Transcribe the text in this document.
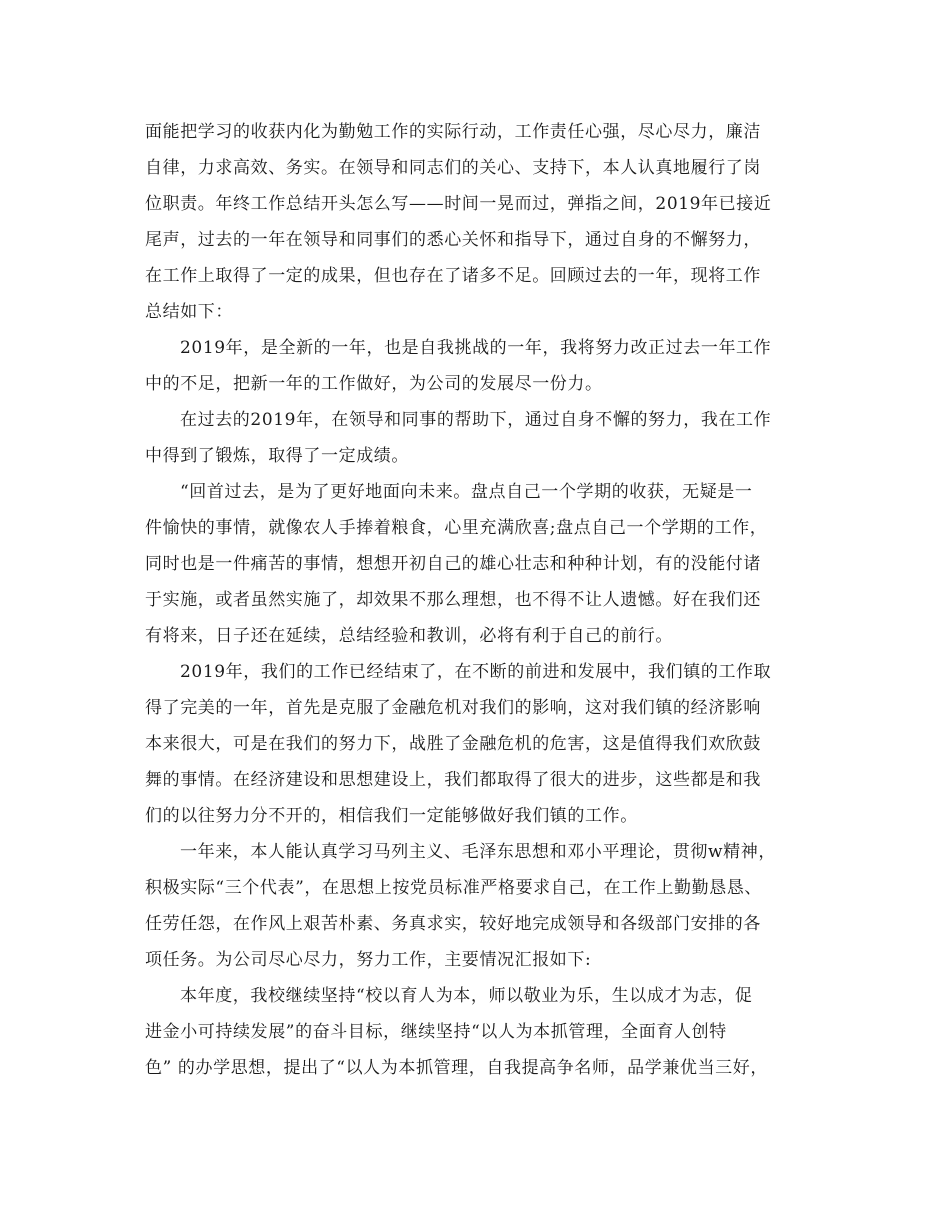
面能把学习的收获内化为勤勉工作的实际行动，工作责任心强，尽心尽力，廉洁
自律，力求高效、务实。在领导和同志们的关心、支持下，本人认真地履行了岗
位职责。年终工作总结开头怎么写——时间一晃而过，弹指之间，2019年已接近
尾声，过去的一年在领导和同事们的悉心关怀和指导下，通过自身的不懈努力，
在工作上取得了一定的成果，但也存在了诸多不足。回顾过去的一年，现将工作
总结如下：
2019年，是全新的一年，也是自我挑战的一年，我将努力改正过去一年工作
中的不足，把新一年的工作做好，为公司的发展尽一份力。
在过去的2019年，在领导和同事的帮助下，通过自身不懈的努力，我在工作
中得到了锻炼，取得了一定成绩。
“回首过去，是为了更好地面向未来。盘点自己一个学期的收获，无疑是一
件愉快的事情，就像农人手捧着粮食，心里充满欣喜;盘点自己一个学期的工作，
同时也是一件痛苦的事情，想想开初自己的雄心壮志和种种计划，有的没能付诸
于实施，或者虽然实施了，却效果不那么理想，也不得不让人遗憾。好在我们还
有将来，日子还在延续，总结经验和教训，必将有利于自己的前行。
2019年，我们的工作已经结束了，在不断的前进和发展中，我们镇的工作取
得了完美的一年，首先是克服了金融危机对我们的影响，这对我们镇的经济影响
本来很大，可是在我们的努力下，战胜了金融危机的危害，这是值得我们欢欣鼓
舞的事情。在经济建设和思想建设上，我们都取得了很大的进步，这些都是和我
们的以往努力分不开的，相信我们一定能够做好我们镇的工作。
一年来，本人能认真学习马列主义、毛泽东思想和邓小平理论，贯彻w精神，
积极实际“三个代表”，在思想上按党员标准严格要求自己，在工作上勤勤恳恳、
任劳任怨，在作风上艰苦朴素、务真求实，较好地完成领导和各级部门安排的各
项任务。为公司尽心尽力，努力工作，主要情况汇报如下:
本年度，我校继续坚持“校以育人为本，师以敬业为乐，生以成才为志，促
进金小可持续发展”的奋斗目标，继续坚持“以人为本抓管理，全面育人创特
色” 的办学思想，提出了“以人为本抓管理，自我提高争名师，品学兼优当三好，
